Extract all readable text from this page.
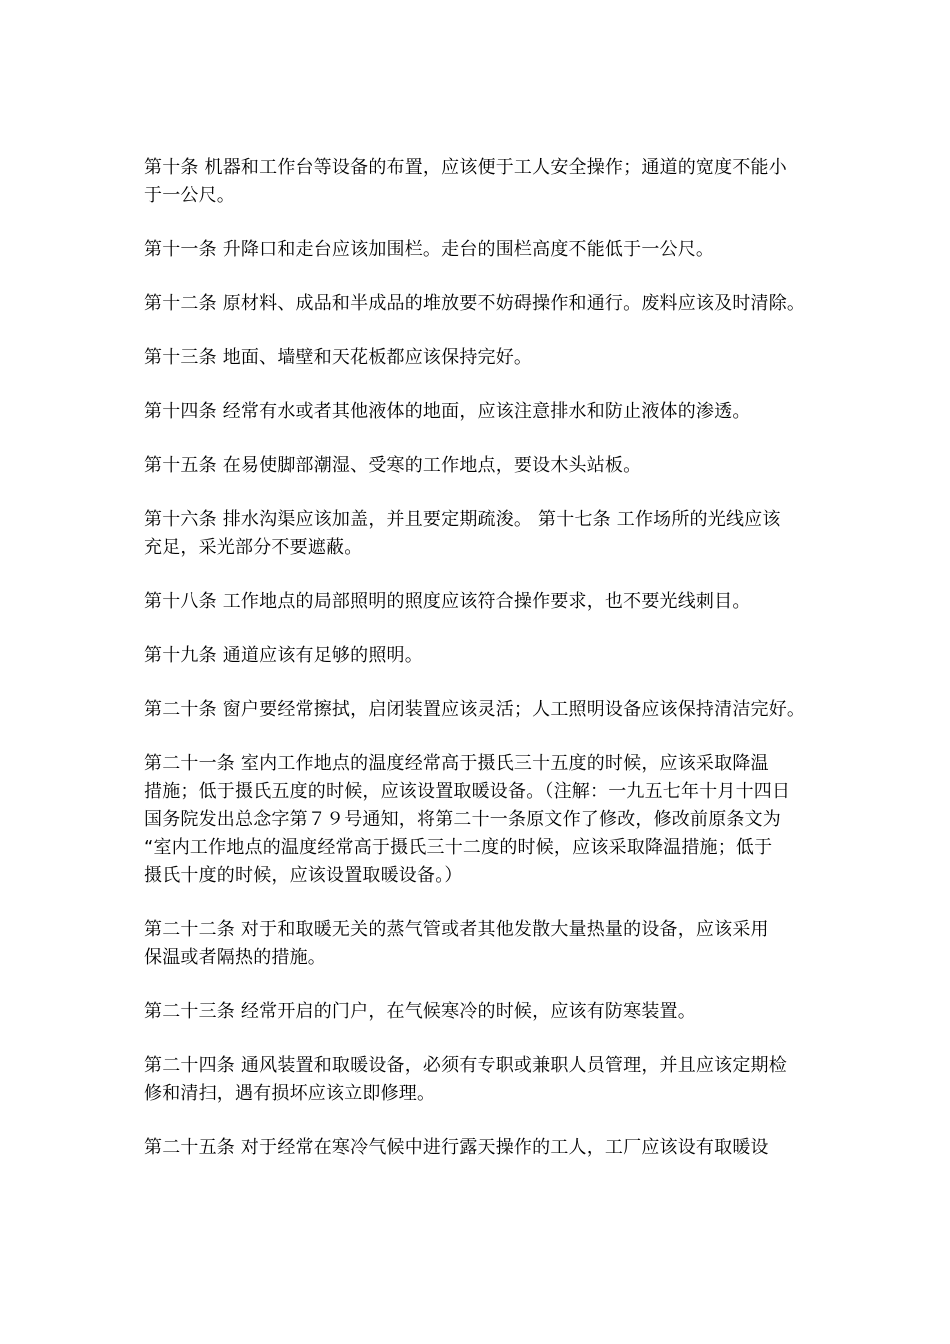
第十条 机器和工作台等设备的布置，应该便于工人安全操作；通道的宽度不能小
于一公尺。

第十一条 升降口和走台应该加围栏。走台的围栏高度不能低于一公尺。

第十二条 原材料、成品和半成品的堆放要不妨碍操作和通行。废料应该及时清除。

第十三条 地面、墙壁和天花板都应该保持完好。

第十四条 经常有水或者其他液体的地面，应该注意排水和防止液体的渗透。

第十五条 在易使脚部潮湿、受寒的工作地点，要设木头站板。

第十六条 排水沟渠应该加盖，并且要定期疏浚。 第十七条 工作场所的光线应该
充足，采光部分不要遮蔽。

第十八条 工作地点的局部照明的照度应该符合操作要求，也不要光线刺目。

第十九条 通道应该有足够的照明。

第二十条 窗户要经常擦拭，启闭装置应该灵活；人工照明设备应该保持清洁完好。

第二十一条 室内工作地点的温度经常高于摄氏三十五度的时候，应该采取降温
措施；低于摄氏五度的时候，应该设置取暖设备。（注解：一九五七年十月十四日
国务院发出总念字第７９号通知，将第二十一条原文作了修改，修改前原条文为
“室内工作地点的温度经常高于摄氏三十二度的时候，应该采取降温措施；低于
摄氏十度的时候，应该设置取暖设备。）

第二十二条 对于和取暖无关的蒸气管或者其他发散大量热量的设备，应该采用
保温或者隔热的措施。

第二十三条 经常开启的门户，在气候寒冷的时候，应该有防寒装置。

第二十四条 通风装置和取暖设备，必须有专职或兼职人员管理，并且应该定期检
修和清扫，遇有损坏应该立即修理。

第二十五条 对于经常在寒冷气候中进行露天操作的工人，工厂应该设有取暖设
